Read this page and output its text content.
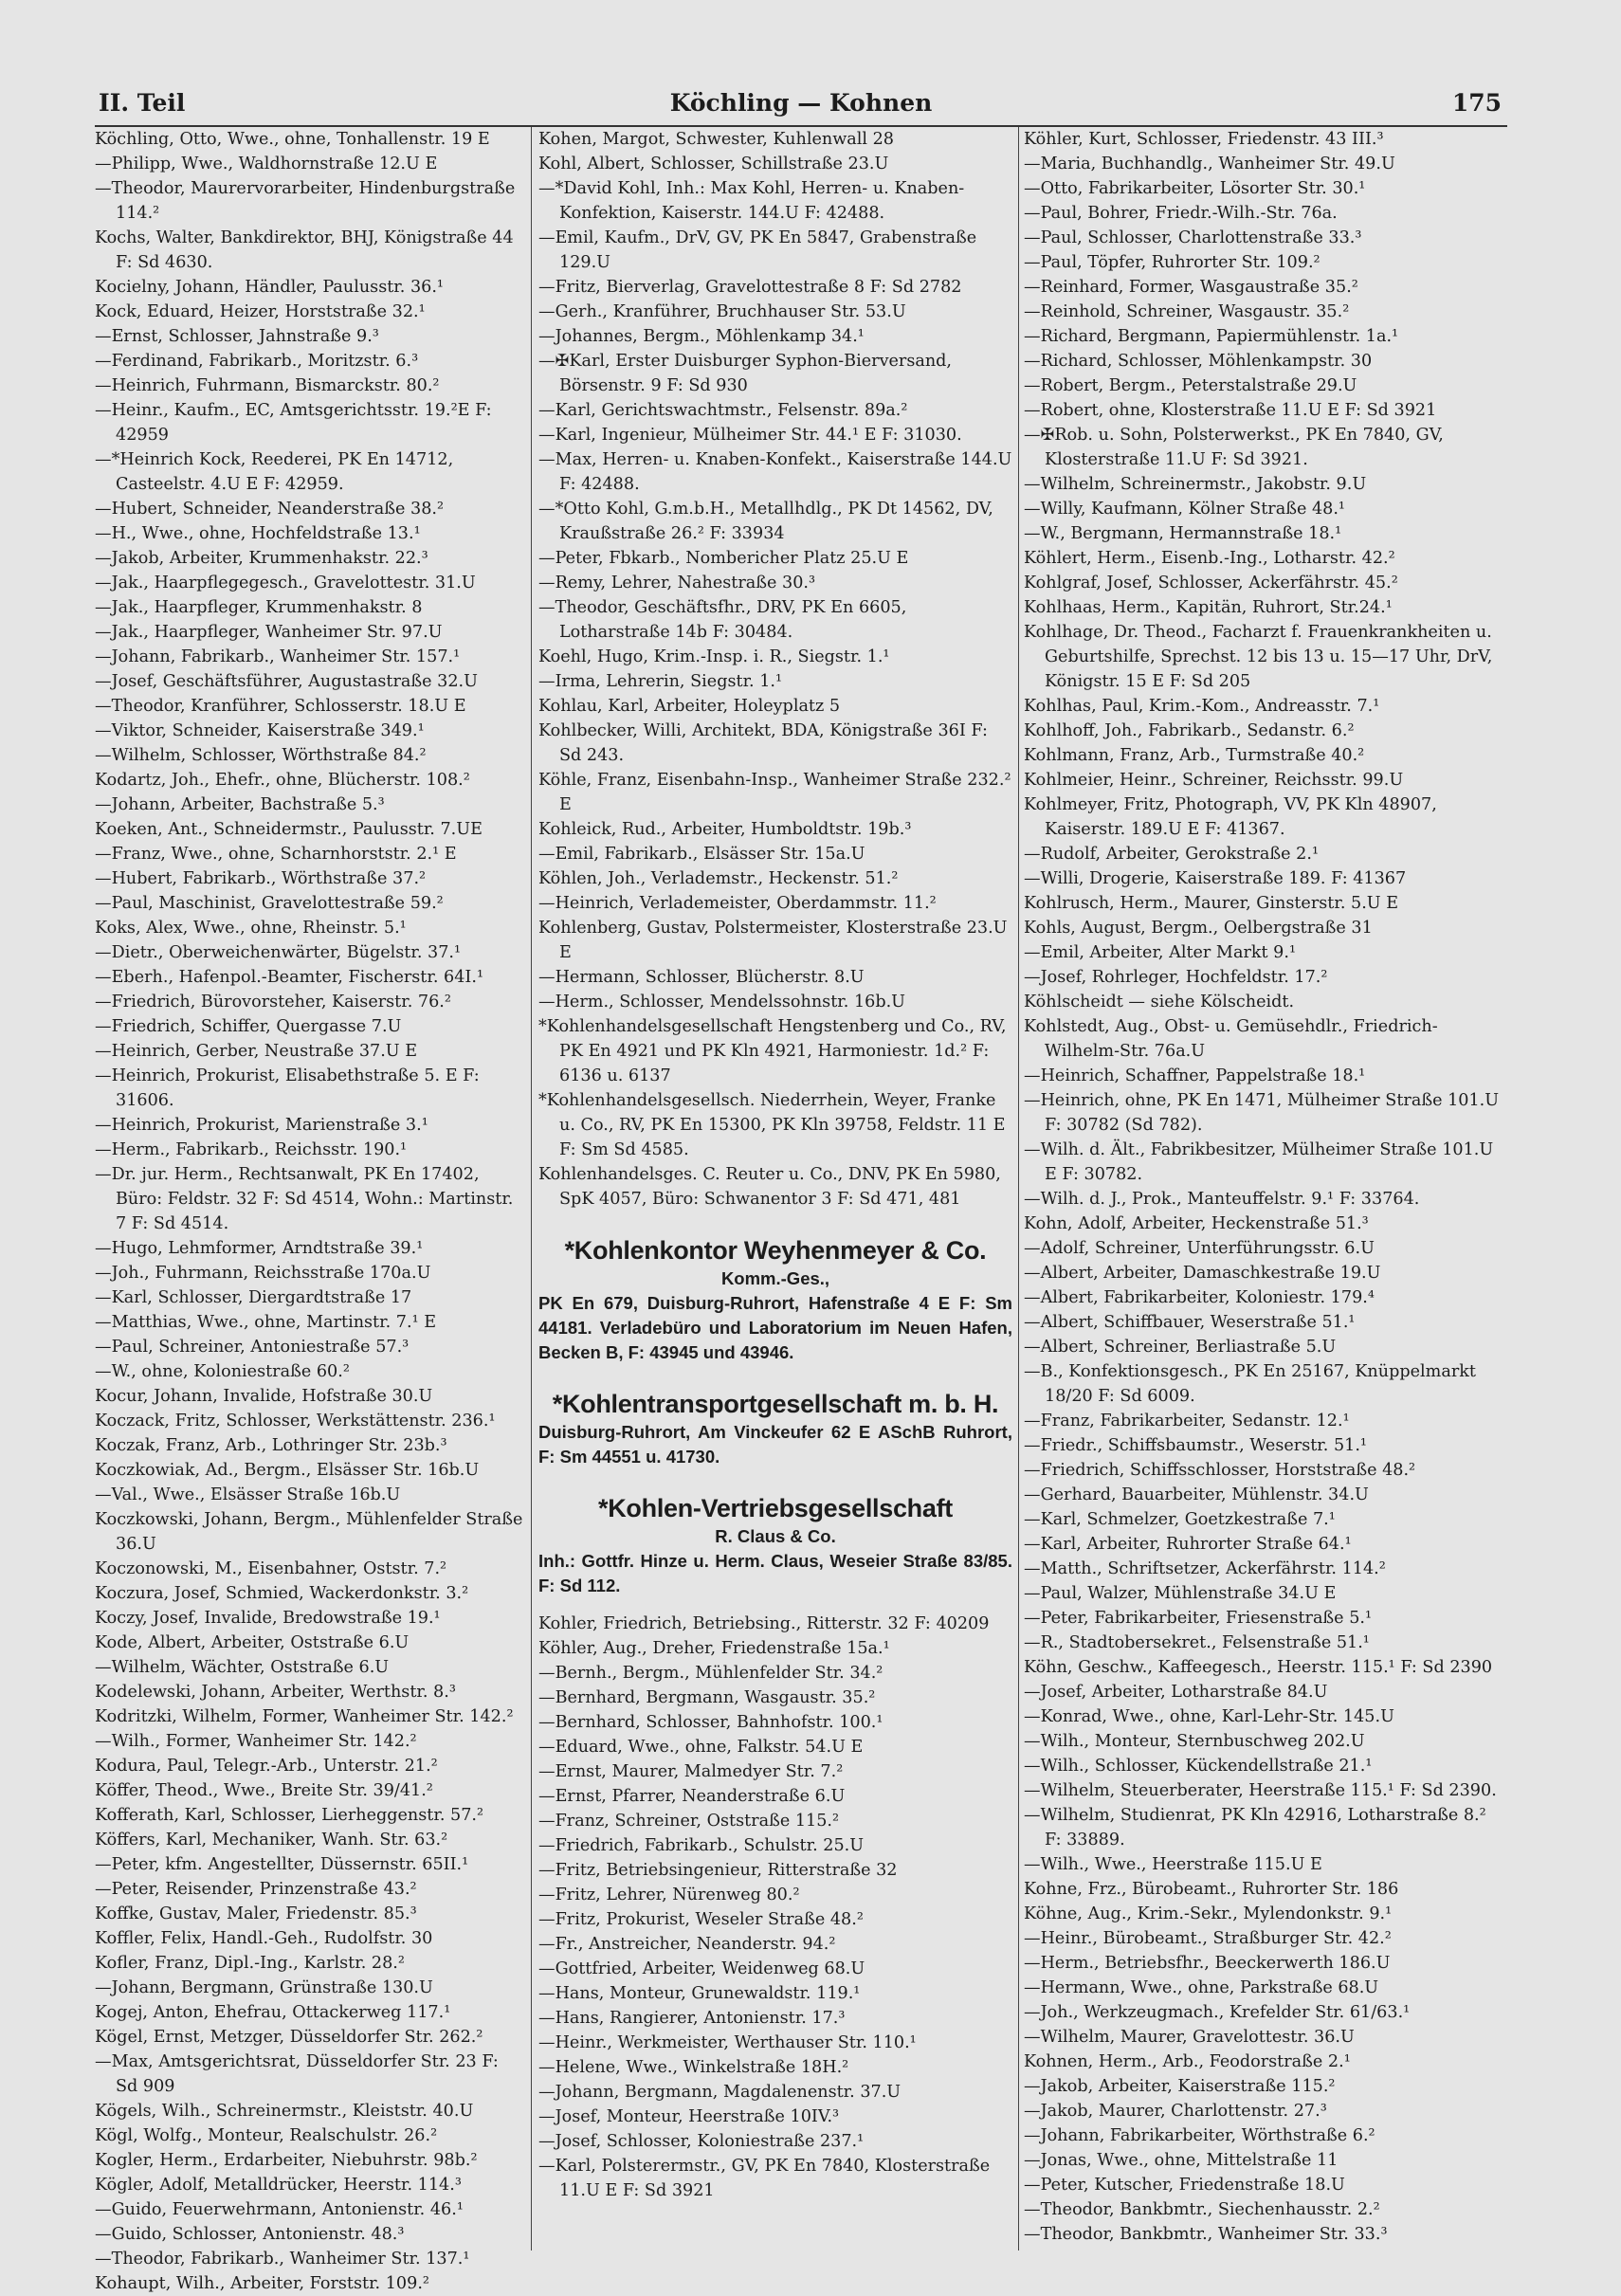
II. Teil	Köchling — Kohnen	175

Köchling, Otto, Wwe., ohne, Tonhallenstr. 19 E

—Philipp, Wwe., Waldhornstraße 12.U E

—Theodor, Maurervorarbeiter, Hindenburgstraße 114.²

Kochs, Walter, Bankdirektor, BHJ, Königstraße 44 F: Sd 4630.

Kocielny, Johann, Händler, Paulusstr. 36.¹

Kock, Eduard, Heizer, Horststraße 32.¹

—Ernst, Schlosser, Jahnstraße 9.³

—Ferdinand, Fabrikarb., Moritzstr. 6.³

—Heinrich, Fuhrmann, Bismarckstr. 80.²

—Heinr., Kaufm., EC, Amtsgerichtsstr. 19.²E F: 42959

—*Heinrich Kock, Reederei, PK En 14712, Casteelstr. 4.U E F: 42959.

—Hubert, Schneider, Neanderstraße 38.²

—H., Wwe., ohne, Hochfeldstraße 13.¹

—Jakob, Arbeiter, Krummenhakstr. 22.³

—Jak., Haarpflegegesch., Gravelottestr. 31.U

—Jak., Haarpfleger, Krummenhakstr. 8

—Jak., Haarpfleger, Wanheimer Str. 97.U

—Johann, Fabrikarb., Wanheimer Str. 157.¹

—Josef, Geschäftsführer, Augustastraße 32.U

—Theodor, Kranführer, Schlosserstr. 18.U E

—Viktor, Schneider, Kaiserstraße 349.¹

—Wilhelm, Schlosser, Wörthstraße 84.²

Kodartz, Joh., Ehefr., ohne, Blücherstr. 108.²

—Johann, Arbeiter, Bachstraße 5.³

Koeken, Ant., Schneidermstr., Paulusstr. 7.UE

—Franz, Wwe., ohne, Scharnhorststr. 2.¹ E

—Hubert, Fabrikarb., Wörthstraße 37.²

—Paul, Maschinist, Gravelottestraße 59.²

Koks, Alex, Wwe., ohne, Rheinstr. 5.¹

—Dietr., Oberweichenwärter, Bügelstr. 37.¹

—Eberh., Hafenpol.-Beamter, Fischerstr. 64I.¹

—Friedrich, Bürovorsteher, Kaiserstr. 76.²

—Friedrich, Schiffer, Quergasse 7.U

—Heinrich, Gerber, Neustraße 37.U E

—Heinrich, Prokurist, Elisabethstraße 5. E F: 31606.

—Heinrich, Prokurist, Marienstraße 3.¹

—Herm., Fabrikarb., Reichsstr. 190.¹

—Dr. jur. Herm., Rechtsanwalt, PK En 17402, Büro: Feldstr. 32 F: Sd 4514, Wohn.: Martinstr. 7 F: Sd 4514.

—Hugo, Lehmformer, Arndtstraße 39.¹

—Joh., Fuhrmann, Reichsstraße 170a.U

—Karl, Schlosser, Diergardtstraße 17

—Matthias, Wwe., ohne, Martinstr. 7.¹ E

—Paul, Schreiner, Antoniestraße 57.³

—W., ohne, Koloniestraße 60.²

Kocur, Johann, Invalide, Hofstraße 30.U

Koczack, Fritz, Schlosser, Werkstättenstr. 236.¹

Koczak, Franz, Arb., Lothringer Str. 23b.³

Koczkowiak, Ad., Bergm., Elsässer Str. 16b.U

—Val., Wwe., Elsässer Straße 16b.U

Koczkowski, Johann, Bergm., Mühlenfelder Straße 36.U

Koczonowski, M., Eisenbahner, Oststr. 7.²

Koczura, Josef, Schmied, Wackerdonkstr. 3.²

Koczy, Josef, Invalide, Bredowstraße 19.¹

Kode, Albert, Arbeiter, Oststraße 6.U

—Wilhelm, Wächter, Oststraße 6.U

Kodelewski, Johann, Arbeiter, Werthstr. 8.³

Kodritzki, Wilhelm, Former, Wanheimer Str. 142.²

—Wilh., Former, Wanheimer Str. 142.²

Kodura, Paul, Telegr.-Arb., Unterstr. 21.²

Köffer, Theod., Wwe., Breite Str. 39/41.²

Kofferath, Karl, Schlosser, Lierheggenstr. 57.²

Köffers, Karl, Mechaniker, Wanh. Str. 63.²

—Peter, kfm. Angestellter, Düssernstr. 65II.¹

—Peter, Reisender, Prinzenstraße 43.²

Koffke, Gustav, Maler, Friedenstr. 85.³

Koffler, Felix, Handl.-Geh., Rudolfstr. 30

Kofler, Franz, Dipl.-Ing., Karlstr. 28.²

—Johann, Bergmann, Grünstraße 130.U

Kogej, Anton, Ehefrau, Ottackerweg 117.¹

Kögel, Ernst, Metzger, Düsseldorfer Str. 262.²

—Max, Amtsgerichtsrat, Düsseldorfer Str. 23 F: Sd 909

Kögels, Wilh., Schreinermstr., Kleiststr. 40.U

Kögl, Wolfg., Monteur, Realschulstr. 26.²

Kogler, Herm., Erdarbeiter, Niebuhrstr. 98b.²

Kögler, Adolf, Metalldrücker, Heerstr. 114.³

—Guido, Feuerwehrmann, Antonienstr. 46.¹

—Guido, Schlosser, Antonienstr. 48.³

—Theodor, Fabrikarb., Wanheimer Str. 137.¹

Kohaupt, Wilh., Arbeiter, Forststr. 109.²

Kohen, Margot, Schwester, Kuhlenwall 28

Kohl, Albert, Schlosser, Schillstraße 23.U

—*David Kohl, Inh.: Max Kohl, Herren- u. Knaben-Konfektion, Kaiserstr. 144.U F: 42488.

—Emil, Kaufm., DrV, GV, PK En 5847, Grabenstraße 129.U

—Fritz, Bierverlag, Gravelottestraße 8 F: Sd 2782

—Gerh., Kranführer, Bruchhauser Str. 53.U

—Johannes, Bergm., Möhlenkamp 34.¹

—✠Karl, Erster Duisburger Syphon-Bierversand, Börsenstr. 9 F: Sd 930

—Karl, Gerichtswachtmstr., Felsenstr. 89a.²

—Karl, Ingenieur, Mülheimer Str. 44.¹ E F: 31030.

—Max, Herren- u. Knaben-Konfekt., Kaiserstraße 144.U F: 42488.

—*Otto Kohl, G.m.b.H., Metallhdlg., PK Dt 14562, DV, Kraußstraße 26.² F: 33934

—Peter, Fbkarb., Nombericher Platz 25.U E

—Remy, Lehrer, Nahestraße 30.³

—Theodor, Geschäftsfhr., DRV, PK En 6605, Lotharstraße 14b F: 30484.

Koehl, Hugo, Krim.-Insp. i. R., Siegstr. 1.¹

—Irma, Lehrerin, Siegstr. 1.¹

Kohlau, Karl, Arbeiter, Holeyplatz 5

Kohlbecker, Willi, Architekt, BDA, Königstraße 36I F: Sd 243.

Köhle, Franz, Eisenbahn-Insp., Wanheimer Straße 232.² E

Kohleick, Rud., Arbeiter, Humboldtstr. 19b.³

—Emil, Fabrikarb., Elsässer Str. 15a.U

Köhlen, Joh., Verlademstr., Heckenstr. 51.²

—Heinrich, Verlademeister, Oberdammstr. 11.²

Kohlenberg, Gustav, Polstermeister, Klosterstraße 23.U E

—Hermann, Schlosser, Blücherstr. 8.U

—Herm., Schlosser, Mendelssohnstr. 16b.U

*Kohlenhandelsgesellschaft Hengstenberg und Co., RV, PK En 4921 und PK Kln 4921, Harmoniestr. 1d.² F: 6136 u. 6137

*Kohlenhandelsgesellsch. Niederrhein, Weyer, Franke u. Co., RV, PK En 15300, PK Kln 39758, Feldstr. 11 E F: Sm Sd 4585.

Kohlenhandelsges. C. Reuter u. Co., DNV, PK En 5980, SpK 4057, Büro: Schwanentor 3 F: Sd 471, 481

*Kohlenkontor Weyhenmeyer & Co.
Komm.-Ges.,
PK En 679, Duisburg-Ruhrort, Hafenstraße 4 E F: Sm 44181. Verladebüro und Laboratorium im Neuen Hafen, Becken B, F: 43945 und 43946.
*Kohlentransportgesellschaft m. b. H.
Duisburg-Ruhrort, Am Vinckeufer 62 E ASchB Ruhrort, F: Sm 44551 u. 41730.
*Kohlen-Vertriebsgesellschaft
R. Claus & Co.
Inh.: Gottfr. Hinze u. Herm. Claus, Weseier Straße 83/85. F: Sd 112.

Kohler, Friedrich, Betriebsing., Ritterstr. 32 F: 40209

Köhler, Aug., Dreher, Friedenstraße 15a.¹

—Bernh., Bergm., Mühlenfelder Str. 34.²

—Bernhard, Bergmann, Wasgaustr. 35.²

—Bernhard, Schlosser, Bahnhofstr. 100.¹

—Eduard, Wwe., ohne, Falkstr. 54.U E

—Ernst, Maurer, Malmedyer Str. 7.²

—Ernst, Pfarrer, Neanderstraße 6.U

—Franz, Schreiner, Oststraße 115.²

—Friedrich, Fabrikarb., Schulstr. 25.U

—Fritz, Betriebsingenieur, Ritterstraße 32

—Fritz, Lehrer, Nürenweg 80.²

—Fritz, Prokurist, Weseler Straße 48.²

—Fr., Anstreicher, Neanderstr. 94.²

—Gottfried, Arbeiter, Weidenweg 68.U

—Hans, Monteur, Grunewaldstr. 119.¹

—Hans, Rangierer, Antonienstr. 17.³

—Heinr., Werkmeister, Werthauser Str. 110.¹

—Helene, Wwe., Winkelstraße 18H.²

—Johann, Bergmann, Magdalenenstr. 37.U

—Josef, Monteur, Heerstraße 10IV.³

—Josef, Schlosser, Koloniestraße 237.¹

—Karl, Polsterermstr., GV, PK En 7840, Klosterstraße 11.U E F: Sd 3921

Köhler, Kurt, Schlosser, Friedenstr. 43 III.³

—Maria, Buchhandlg., Wanheimer Str. 49.U

—Otto, Fabrikarbeiter, Lösorter Str. 30.¹

—Paul, Bohrer, Friedr.-Wilh.-Str. 76a.

—Paul, Schlosser, Charlottenstraße 33.³

—Paul, Töpfer, Ruhrorter Str. 109.²

—Reinhard, Former, Wasgaustraße 35.²

—Reinhold, Schreiner, Wasgaustr. 35.²

—Richard, Bergmann, Papiermühlenstr. 1a.¹

—Richard, Schlosser, Möhlenkampstr. 30

—Robert, Bergm., Peterstalstraße 29.U

—Robert, ohne, Klosterstraße 11.U E F: Sd 3921

—✠Rob. u. Sohn, Polsterwerkst., PK En 7840, GV, Klosterstraße 11.U F: Sd 3921.

—Wilhelm, Schreinermstr., Jakobstr. 9.U

—Willy, Kaufmann, Kölner Straße 48.¹

—W., Bergmann, Hermannstraße 18.¹

Köhlert, Herm., Eisenb.-Ing., Lotharstr. 42.²

Kohlgraf, Josef, Schlosser, Ackerfährstr. 45.²

Kohlhaas, Herm., Kapitän, Ruhrort, Str.24.¹

Kohlhage, Dr. Theod., Facharzt f. Frauenkrankheiten u. Geburtshilfe, Sprechst. 12 bis 13 u. 15—17 Uhr, DrV, Königstr. 15 E F: Sd 205

Kohlhas, Paul, Krim.-Kom., Andreasstr. 7.¹

Kohlhoff, Joh., Fabrikarb., Sedanstr. 6.²

Kohlmann, Franz, Arb., Turmstraße 40.²

Kohlmeier, Heinr., Schreiner, Reichsstr. 99.U

Kohlmeyer, Fritz, Photograph, VV, PK Kln 48907, Kaiserstr. 189.U E F: 41367.

—Rudolf, Arbeiter, Gerokstraße 2.¹

—Willi, Drogerie, Kaiserstraße 189. F: 41367

Kohlrusch, Herm., Maurer, Ginsterstr. 5.U E

Kohls, August, Bergm., Oelbergstraße 31

—Emil, Arbeiter, Alter Markt 9.¹

—Josef, Rohrleger, Hochfeldstr. 17.²

Köhlscheidt — siehe Kölscheidt.

Kohlstedt, Aug., Obst- u. Gemüsehdlr., Friedrich-Wilhelm-Str. 76a.U

—Heinrich, Schaffner, Pappelstraße 18.¹

—Heinrich, ohne, PK En 1471, Mülheimer Straße 101.U F: 30782 (Sd 782).

—Wilh. d. Ält., Fabrikbesitzer, Mülheimer Straße 101.U E F: 30782.

—Wilh. d. J., Prok., Manteuffelstr. 9.¹ F: 33764.

Kohn, Adolf, Arbeiter, Heckenstraße 51.³

—Adolf, Schreiner, Unterführungsstr. 6.U

—Albert, Arbeiter, Damaschkestraße 19.U

—Albert, Fabrikarbeiter, Koloniestr. 179.⁴

—Albert, Schiffbauer, Weserstraße 51.¹

—Albert, Schreiner, Berliastraße 5.U

—B., Konfektionsgesch., PK En 25167, Knüppelmarkt 18/20 F: Sd 6009.

—Franz, Fabrikarbeiter, Sedanstr. 12.¹

—Friedr., Schiffsbaumstr., Weserstr. 51.¹

—Friedrich, Schiffsschlosser, Horststraße 48.²

—Gerhard, Bauarbeiter, Mühlenstr. 34.U

—Karl, Schmelzer, Goetzkestraße 7.¹

—Karl, Arbeiter, Ruhrorter Straße 64.¹

—Matth., Schriftsetzer, Ackerfährstr. 114.²

—Paul, Walzer, Mühlenstraße 34.U E

—Peter, Fabrikarbeiter, Friesenstraße 5.¹

—R., Stadtobersekret., Felsenstraße 51.¹

Köhn, Geschw., Kaffeegesch., Heerstr. 115.¹ F: Sd 2390

—Josef, Arbeiter, Lotharstraße 84.U

—Konrad, Wwe., ohne, Karl-Lehr-Str. 145.U

—Wilh., Monteur, Sternbuschweg 202.U

—Wilh., Schlosser, Kückendellstraße 21.¹

—Wilhelm, Steuerberater, Heerstraße 115.¹ F: Sd 2390.

—Wilhelm, Studienrat, PK Kln 42916, Lotharstraße 8.² F: 33889.

—Wilh., Wwe., Heerstraße 115.U E

Kohne, Frz., Bürobeamt., Ruhrorter Str. 186

Köhne, Aug., Krim.-Sekr., Mylendonkstr. 9.¹

—Heinr., Bürobeamt., Straßburger Str. 42.²

—Herm., Betriebsfhr., Beeckerwerth 186.U

—Hermann, Wwe., ohne, Parkstraße 68.U

—Joh., Werkzeugmach., Krefelder Str. 61/63.¹

—Wilhelm, Maurer, Gravelottestr. 36.U

Kohnen, Herm., Arb., Feodorstraße 2.¹

—Jakob, Arbeiter, Kaiserstraße 115.²

—Jakob, Maurer, Charlottenstr. 27.³

—Johann, Fabrikarbeiter, Wörthstraße 6.²

—Jonas, Wwe., ohne, Mittelstraße 11

—Peter, Kutscher, Friedenstraße 18.U

—Theodor, Bankbmtr., Siechenhausstr. 2.²

—Theodor, Bankbmtr., Wanheimer Str. 33.³
